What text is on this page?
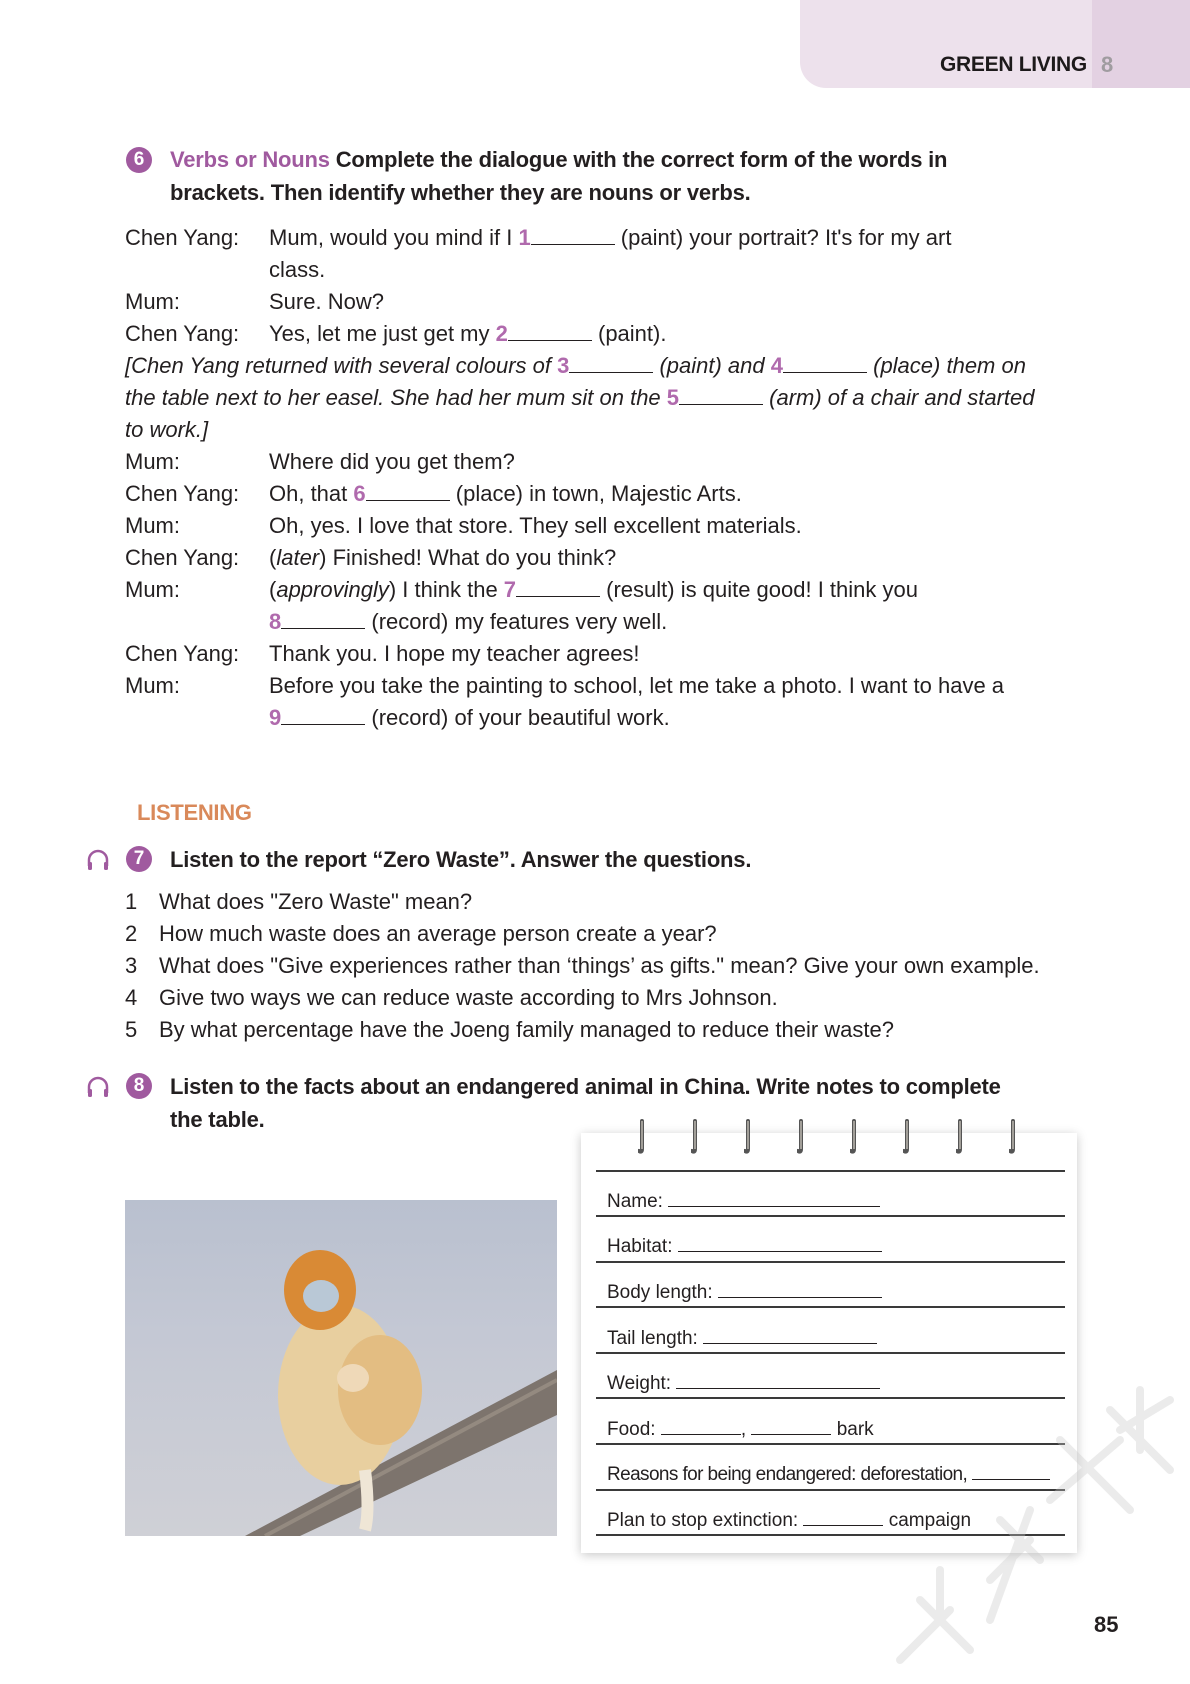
GREEN LIVING 8
6	Verbs or Nouns Complete the dialogue with the correct form of the words in
brackets. Then identify whether they are nouns or verbs.
Chen Yang:	Mum, would you mind if I 1	(paint) your portrait? It's for my art
class.
Mum:	Sure. Now?
Chen Yang:	Yes, let me just get my 2	(paint).
[Chen Yang returned with several colours of 3	(paint) and 4	(place) them on
the table next to her easel. She had her mum sit on the 5	(arm) of a chair and started
to work.]
Mum:	Where did you get them?
Chen Yang:	Oh, that 6	(place) in town, Majestic Arts.
Mum:	Oh, yes. I love that store. They sell excellent materials.
Chen Yang:	(later) Finished! What do you think?
Mum:	(approvingly) I think the 7	(result) is quite good! I think you
8	(record) my features very well.
Chen Yang:	Thank you. I hope my teacher agrees!
Mum:	Before you take the painting to school, let me take a photo. I want to have a
9	(record) of your beautiful work.
LISTENING
7	Listen to the report “Zero Waste”. Answer the questions.
1 What does "Zero Waste" mean?
2 How much waste does an average person create a year?
3 What does "Give experiences rather than ‘things’ as gifts." mean? Give your own example.
4 Give two ways we can reduce waste according to Mrs Johnson.
5 By what percentage have the Joeng family managed to reduce their waste?
8	Listen to the facts about an endangered animal in China. Write notes to complete
the table.
Name:
Habitat:
Body length:
Tail length:
Weight:
Food:	,	bark
Reasons for being endangered: deforestation,
Plan to stop extinction:	campaign
85
